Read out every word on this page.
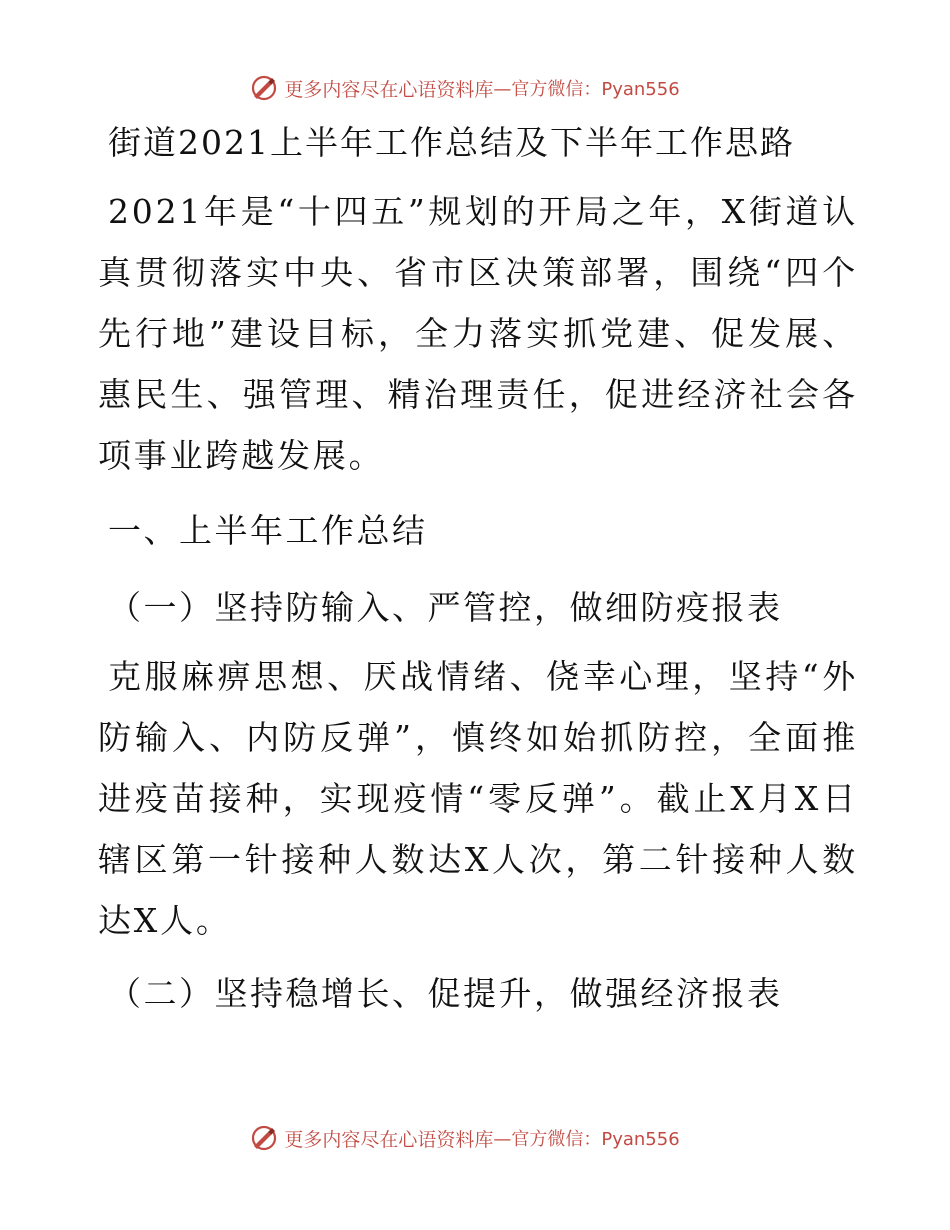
更多内容尽在心语资料库 —官方微信：Pyan556
街道2021上半年工作总结及下半年工作思路
2021年是“十四五”规划的开局之年，X街道认真贯彻落实中央、省市区决策部署，围绕“四个先行地”建设目标，全力落实抓党建、促发展、惠民生、强管理、精治理责任，促进经济社会各项事业跨越发展。
一、上半年工作总结
（一）坚持防输入、严管控，做细防疫报表
克服麻痹思想、厌战情绪、侥幸心理，坚持“外防输入、内防反弹”，慎终如始抓防控，全面推进疫苗接种，实现疫情“零反弹”。截止X月X日辖区第一针接种人数达X人次，第二针接种人数达X人。
（二）坚持稳增长、促提升，做强经济报表
更多内容尽在心语资料库 —官方微信：Pyan556
